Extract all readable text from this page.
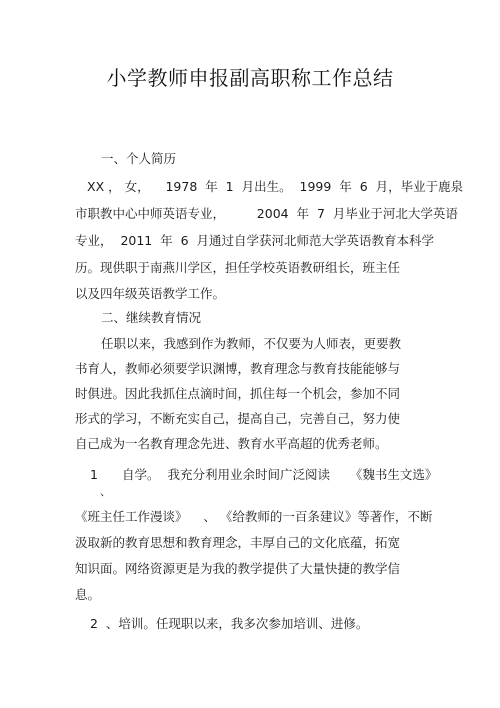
小学教师申报副高职称工作总结
一、个人简历
XX ， 女，    1978  年  1  月出生。  1999  年  6  月，毕业于鹿泉
市职教中心中师英语专业，        2004  年  7  月毕业于河北大学英语
专业，  2011  年  6  月通过自学获河北师范大学英语教育本科学
历。现供职于南燕川学区，担任学校英语教研组长，班主任
以及四年级英语教学工作。
二、继续教育情况
任职以来，我感到作为教师，不仅要为人师表，更要教
书育人，教师必须要学识渊博，教育理念与教育技能能够与
时俱进。因此我抓住点滴时间，抓住每一个机会，参加不同
形式的学习，不断充实自己，提高自己，完善自己，努力使
自己成为一名教育理念先进、教育水平高超的优秀老师。
1
、
自学。  我充分利用业余时间广泛阅读     《魏书生文选》
《班主任工作漫谈》    、 《给教师的一百条建议》等著作，不断
汲取新的教育思想和教育理念，丰厚自己的文化底蕴，拓宽
知识面。网络资源更是为我的教学提供了大量快捷的教学信
息。
2  、培训。任现职以来，我多次参加培训、进修。
